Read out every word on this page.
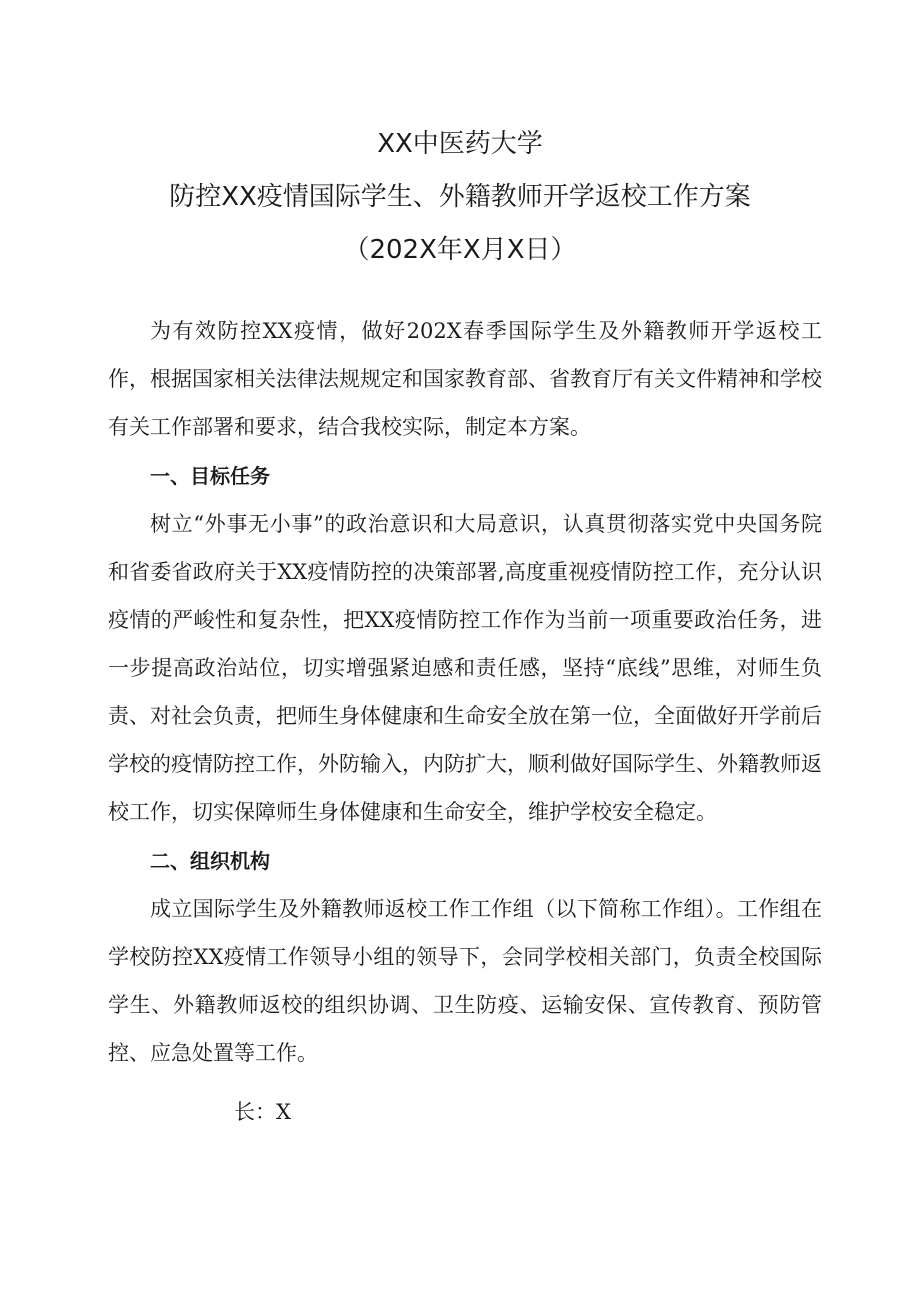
XX中医药大学
防控XX疫情国际学生、外籍教师开学返校工作方案
（202X年X月X日）

为有效防控XX疫情，做好202X春季国际学生及外籍教师开学返校工作，根据国家相关法律法规规定和国家教育部、省教育厅有关文件精神和学校有关工作部署和要求，结合我校实际，制定本方案。

一、目标任务

树立“外事无小事”的政治意识和大局意识，认真贯彻落实党中央国务院和省委省政府关于XX疫情防控的决策部署,高度重视疫情防控工作，充分认识疫情的严峻性和复杂性，把XX疫情防控工作作为当前一项重要政治任务，进一步提高政治站位，切实增强紧迫感和责任感，坚持“底线”思维，对师生负责、对社会负责，把师生身体健康和生命安全放在第一位，全面做好开学前后学校的疫情防控工作，外防输入，内防扩大，顺利做好国际学生、外籍教师返校工作，切实保障师生身体健康和生命安全，维护学校安全稳定。

二、组织机构

成立国际学生及外籍教师返校工作工作组（以下简称工作组）。工作组在学校防控XX疫情工作领导小组的领导下，会同学校相关部门，负责全校国际学生、外籍教师返校的组织协调、卫生防疫、运输安保、宣传教育、预防管控、应急处置等工作。

长：X
